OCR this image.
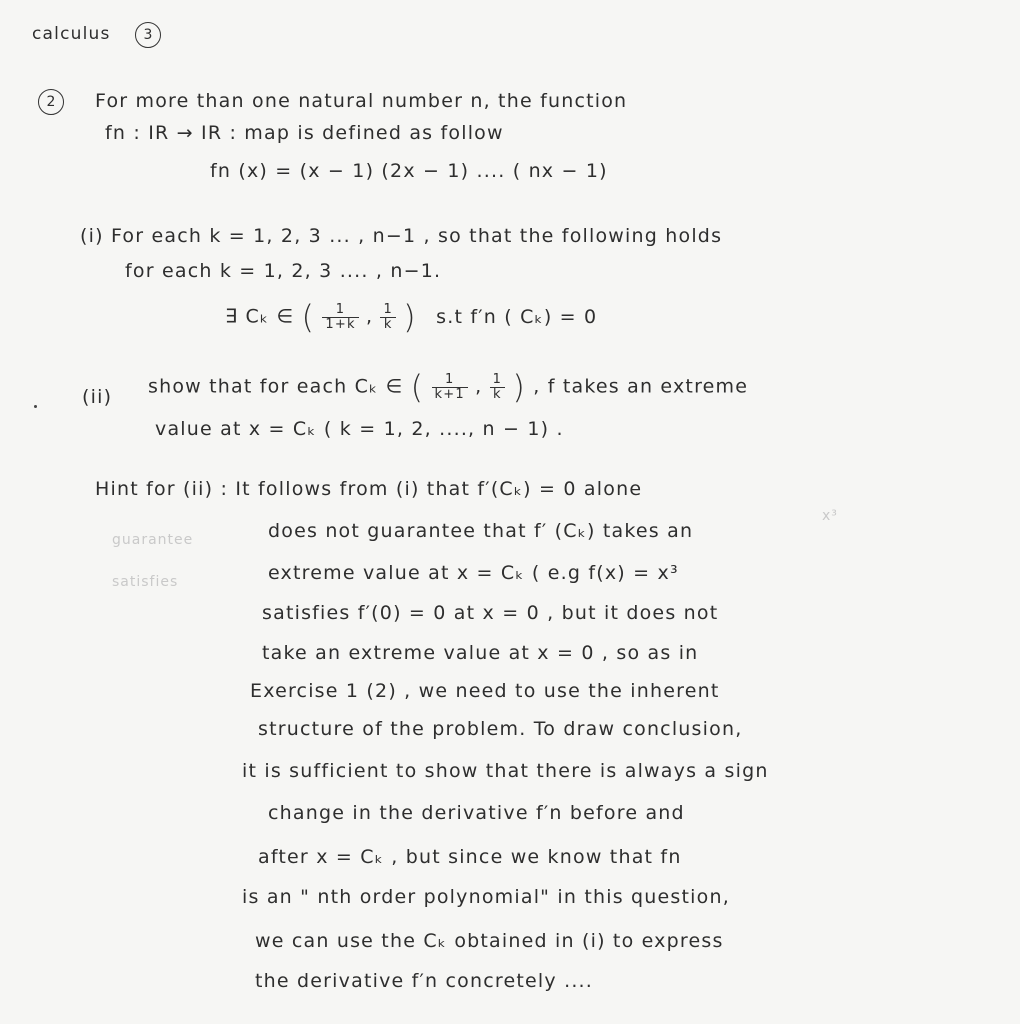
calculus	3
2	For more than one natural number n, the function
fn : IR → IR : map is defined as follow
fn (x) = (x − 1) (2x − 1) .... ( nx − 1)
(i) For each k = 1, 2, 3 ... , n−1 , so that the following holds
for each k = 1, 2, 3 .... , n−1.
∃ Cₖ ∈ ( $\frac{1}{1+k}$ , $\frac{1}{k}$ ) s.t f′n ( Cₖ) = 0
(ii) show that for each Cₖ ∈ ( $\frac{1}{k+1}$ , $\frac{1}{k}$ ) , f takes an extreme
value at x = Cₖ ( k = 1, 2, ...., n − 1) .
guarantee
satisfies
x³
Hint for (ii) : It follows from (i) that f′(Cₖ) = 0 alone
does not guarantee that f′ (Cₖ) takes an
extreme value at x = Cₖ ( e.g f(x) = x³
satisfies f′(0) = 0 at x = 0 , but it does not
take an extreme value at x = 0 , so as in
Exercise 1 (2) , we need to use the inherent
structure of the problem. To draw conclusion,
it is sufficient to show that there is always a sign
change in the derivative f′n before and
after x = Cₖ , but since we know that fn
is an " nth order polynomial" in this question,
we can use the Cₖ obtained in (i) to express
the derivative f′n concretely ....
